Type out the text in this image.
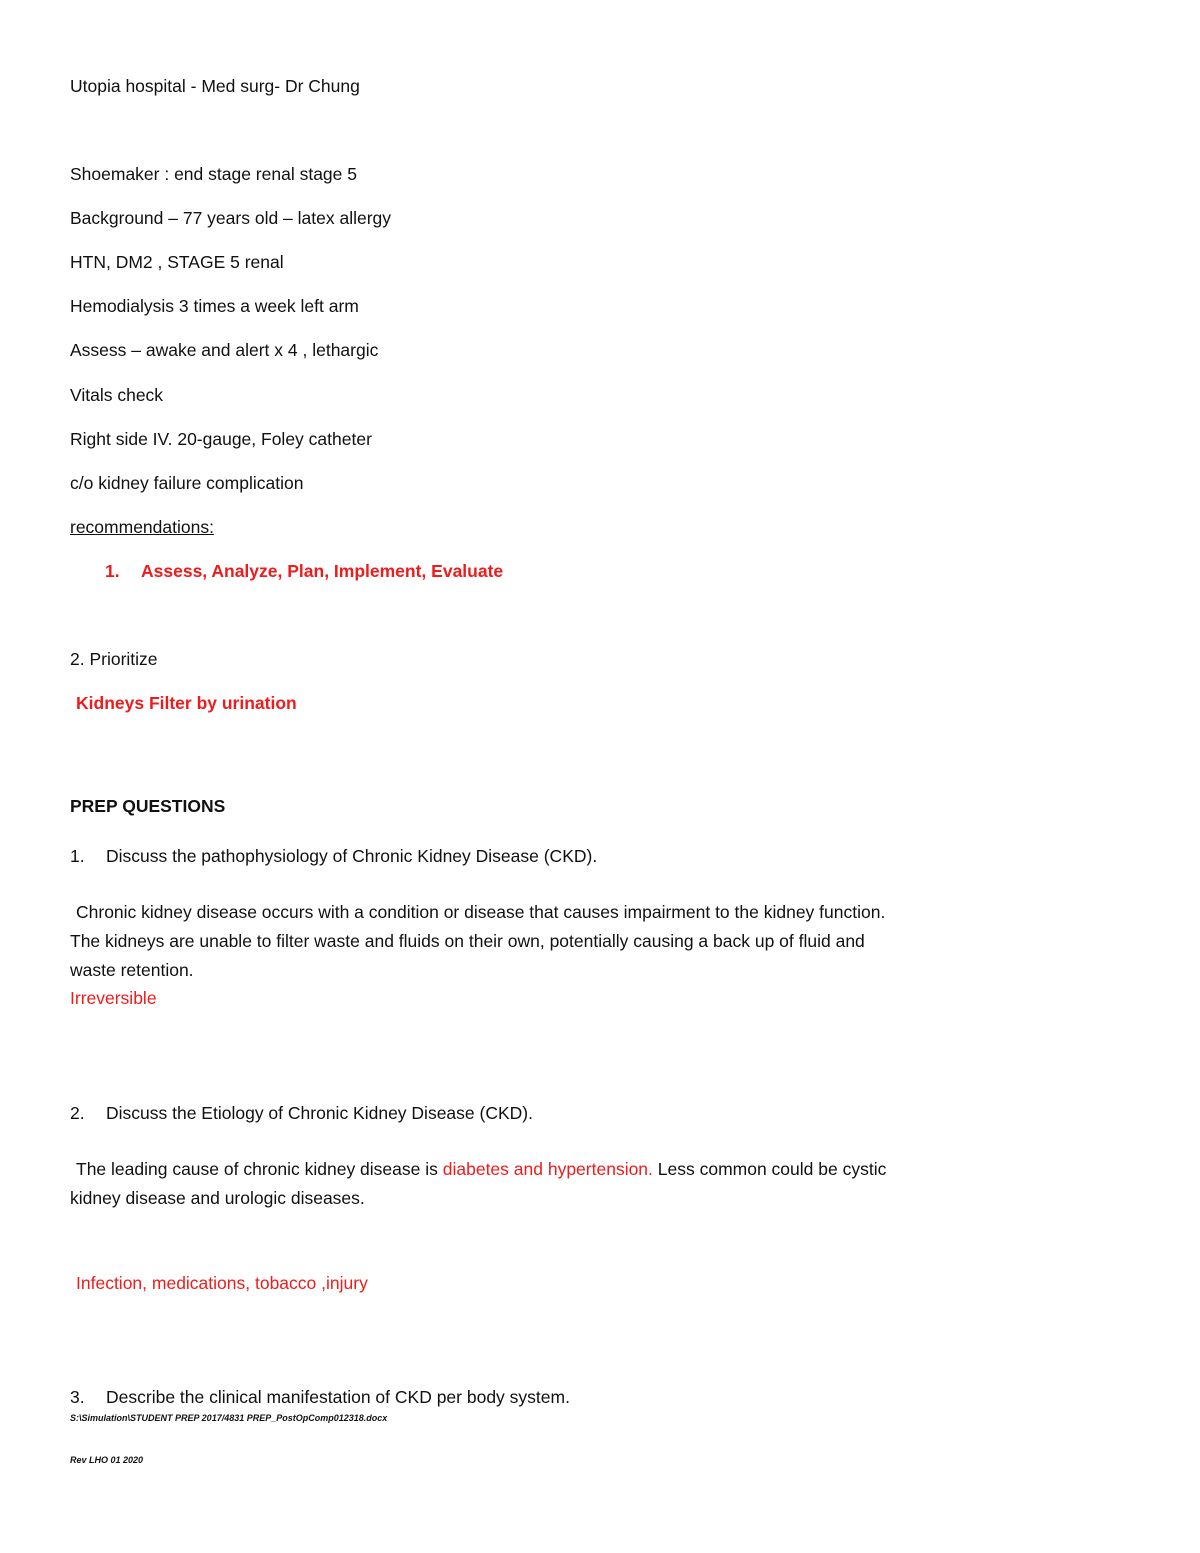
Utopia hospital - Med surg- Dr Chung
Shoemaker : end stage renal stage 5
Background – 77 years old – latex allergy
HTN, DM2 , STAGE 5 renal
Hemodialysis 3 times a week left arm
Assess – awake and alert x 4 , lethargic
Vitals check
Right side IV. 20-gauge, Foley catheter
c/o kidney failure complication
recommendations:
1. Assess, Analyze, Plan, Implement, Evaluate
2. Prioritize
Kidneys Filter by urination
PREP QUESTIONS
1. Discuss the pathophysiology of Chronic Kidney Disease (CKD).
Chronic kidney disease occurs with a condition or disease that causes impairment to the kidney function.
The kidneys are unable to filter waste and fluids on their own, potentially causing a back up of fluid and
waste retention.
Irreversible
2. Discuss the Etiology of Chronic Kidney Disease (CKD).
The leading cause of chronic kidney disease is diabetes and hypertension. Less common could be cystic
kidney disease and urologic diseases.
Infection, medications, tobacco ,injury
3. Describe the clinical manifestation of CKD per body system.
S:\Simulation\STUDENT PREP 2017/4831 PREP_PostOpComp012318.docx
Rev LHO 01 2020
